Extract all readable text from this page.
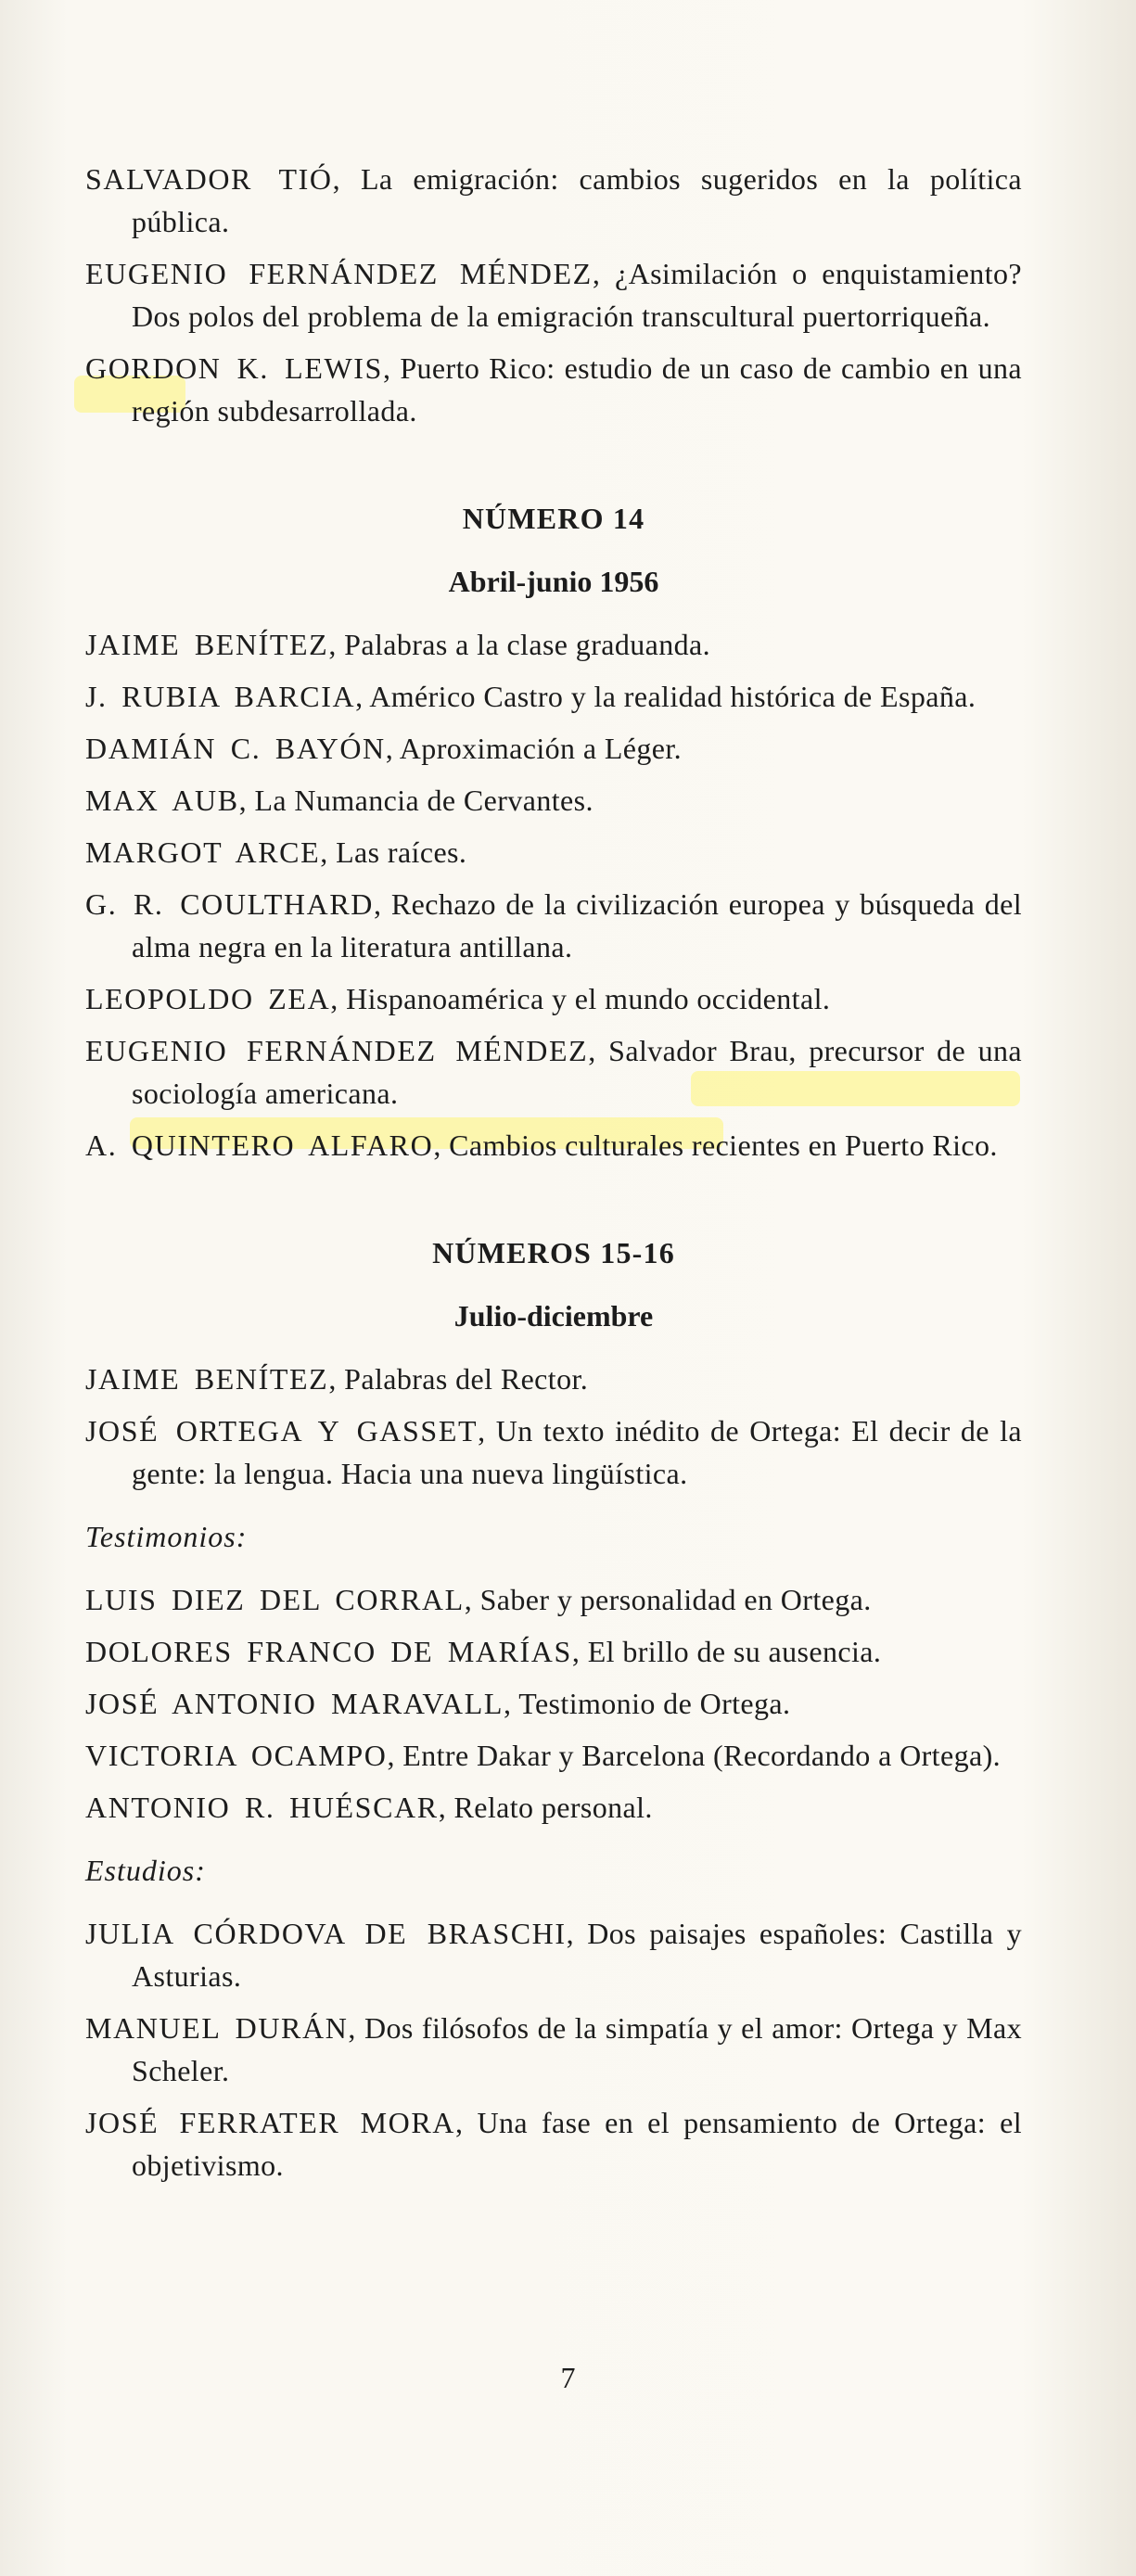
SALVADOR TIÓ, La emigración: cambios sugeridos en la política pública.

EUGENIO FERNÁNDEZ MÉNDEZ, ¿Asimilación o enquistamiento? Dos polos del problema de la emigración transcultural puertorriqueña.

GORDON K. LEWIS, Puerto Rico: estudio de un caso de cambio en una región subdesarrollada.

NÚMERO 14
Abril-junio 1956

JAIME BENÍTEZ, Palabras a la clase graduanda.

J. RUBIA BARCIA, Américo Castro y la realidad histórica de España.

DAMIÁN C. BAYÓN, Aproximación a Léger.

MAX AUB, La Numancia de Cervantes.

MARGOT ARCE, Las raíces.

G. R. COULTHARD, Rechazo de la civilización europea y búsqueda del alma negra en la literatura antillana.

LEOPOLDO ZEA, Hispanoamérica y el mundo occidental.

EUGENIO FERNÁNDEZ MÉNDEZ, Salvador Brau, precursor de una sociología americana.

A. QUINTERO ALFARO, Cambios culturales recientes en Puerto Rico.

NÚMEROS 15-16
Julio-diciembre

JAIME BENÍTEZ, Palabras del Rector.

JOSÉ ORTEGA Y GASSET, Un texto inédito de Ortega: El decir de la gente: la lengua. Hacia una nueva lingüística.

Testimonios:

LUIS DIEZ DEL CORRAL, Saber y personalidad en Ortega.

DOLORES FRANCO DE MARÍAS, El brillo de su ausencia.

JOSÉ ANTONIO MARAVALL, Testimonio de Ortega.

VICTORIA OCAMPO, Entre Dakar y Barcelona (Recordando a Ortega).

ANTONIO R. HUÉSCAR, Relato personal.

Estudios:

JULIA CÓRDOVA DE BRASCHI, Dos paisajes españoles: Castilla y Asturias.

MANUEL DURÁN, Dos filósofos de la simpatía y el amor: Ortega y Max Scheler.

JOSÉ FERRATER MORA, Una fase en el pensamiento de Ortega: el objetivismo.

7
